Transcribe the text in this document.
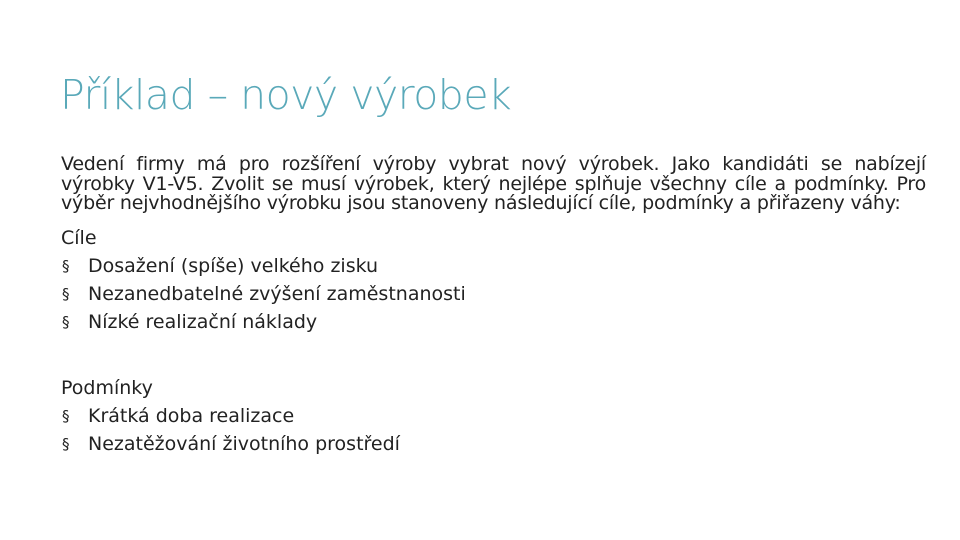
Příklad – nový výrobek

Vedení firmy má pro rozšíření výroby vybrat nový výrobek. Jako kandidáti se nabízejí výrobky V1-V5. Zvolit se musí výrobek, který nejlépe splňuje všechny cíle a podmínky. Pro výběr nejvhodnějšího výrobku jsou stanoveny následující cíle, podmínky a přiřazeny váhy:

Cíle
§ Dosažení (spíše) velkého zisku
§ Nezanedbatelné zvýšení zaměstnanosti
§ Nízké realizační náklady
Podmínky
§ Krátká doba realizace
§ Nezatěžování životního prostředí
